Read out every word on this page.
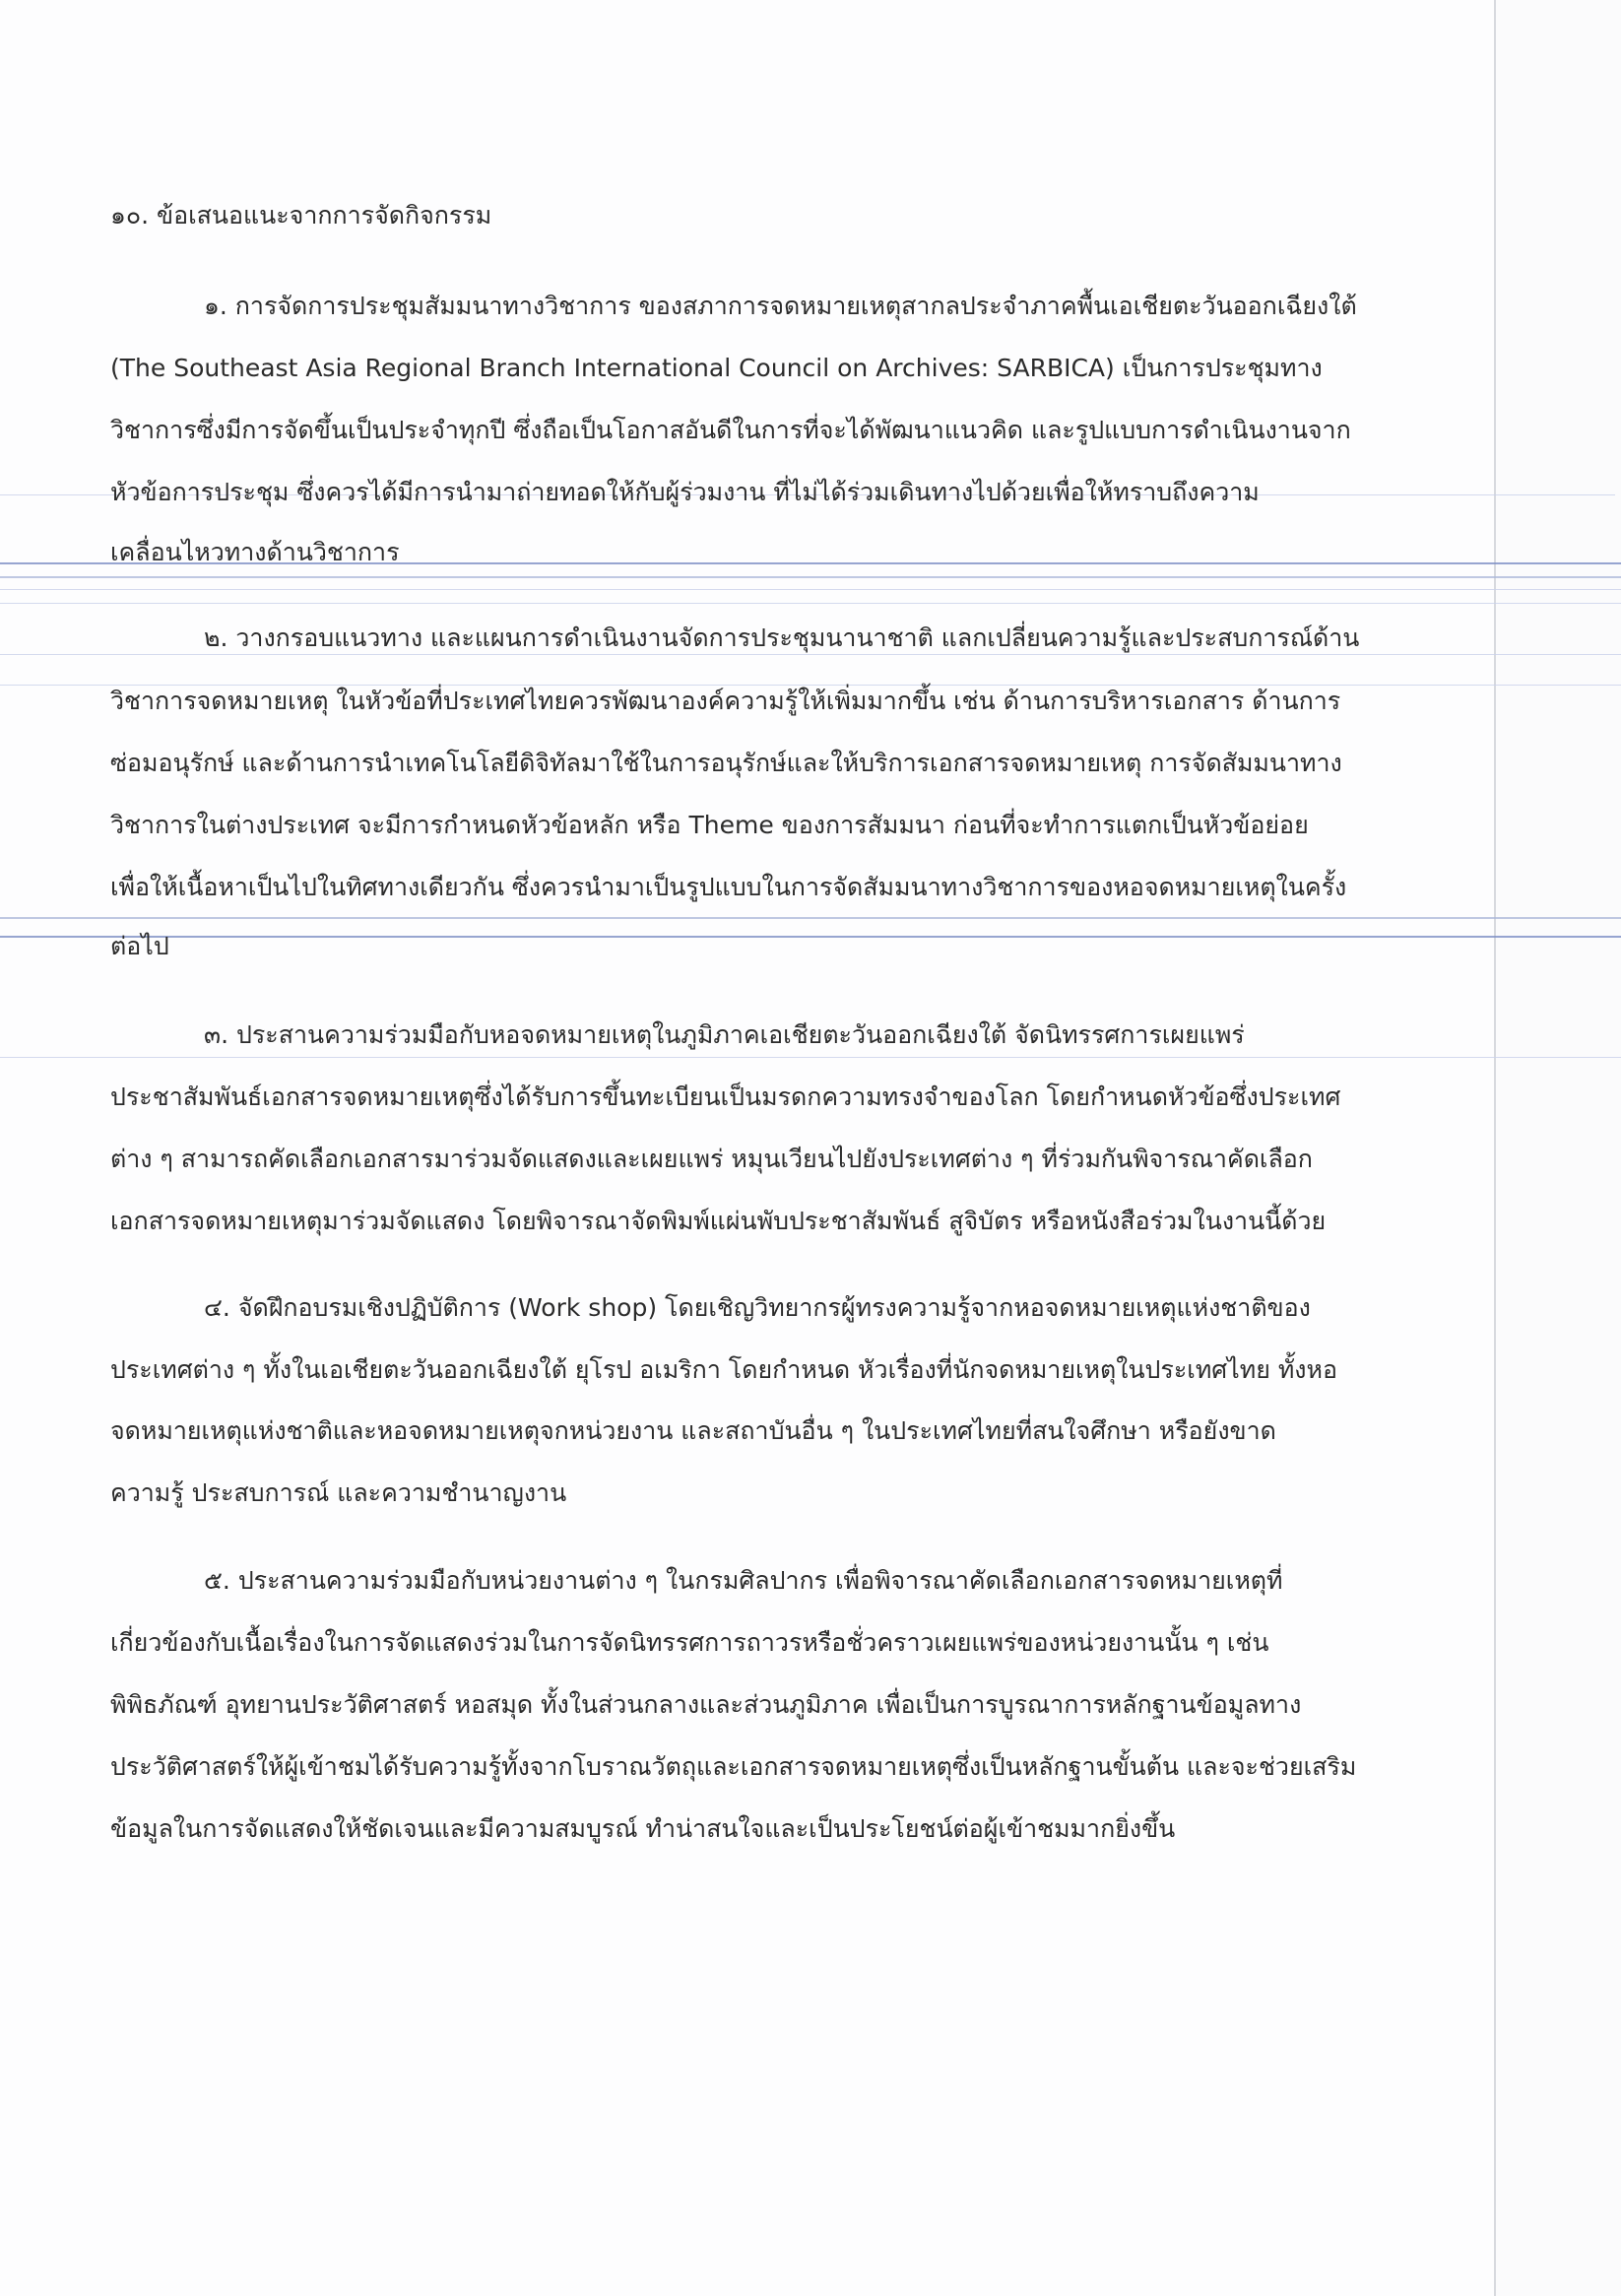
๑๐. ข้อเสนอแนะจากการจัดกิจกรรม
๑. การจัดการประชุมสัมมนาทางวิชาการ ของสภาการจดหมายเหตุสากลประจำภาคพื้นเอเชียตะวันออกเฉียงใต้
(The Southeast Asia Regional Branch International Council on Archives: SARBICA) เป็นการประชุมทาง
วิชาการซึ่งมีการจัดขึ้นเป็นประจำทุกปี ซึ่งถือเป็นโอกาสอันดีในการที่จะได้พัฒนาแนวคิด และรูปแบบการดำเนินงานจาก
หัวข้อการประชุม ซึ่งควรได้มีการนำมาถ่ายทอดให้กับผู้ร่วมงาน ที่ไม่ได้ร่วมเดินทางไปด้วยเพื่อให้ทราบถึงความ
เคลื่อนไหวทางด้านวิชาการ
๒. วางกรอบแนวทาง และแผนการดำเนินงานจัดการประชุมนานาชาติ แลกเปลี่ยนความรู้และประสบการณ์ด้าน
วิชาการจดหมายเหตุ ในหัวข้อที่ประเทศไทยควรพัฒนาองค์ความรู้ให้เพิ่มมากขึ้น เช่น ด้านการบริหารเอกสาร ด้านการ
ซ่อมอนุรักษ์ และด้านการนำเทคโนโลยีดิจิทัลมาใช้ในการอนุรักษ์และให้บริการเอกสารจดหมายเหตุ การจัดสัมมนาทาง
วิชาการในต่างประเทศ จะมีการกำหนดหัวข้อหลัก หรือ Theme ของการสัมมนา ก่อนที่จะทำการแตกเป็นหัวข้อย่อย
เพื่อให้เนื้อหาเป็นไปในทิศทางเดียวกัน ซึ่งควรนำมาเป็นรูปแบบในการจัดสัมมนาทางวิชาการของหอจดหมายเหตุในครั้ง
ต่อไป
๓. ประสานความร่วมมือกับหอจดหมายเหตุในภูมิภาคเอเชียตะวันออกเฉียงใต้ จัดนิทรรศการเผยแพร่
ประชาสัมพันธ์เอกสารจดหมายเหตุซึ่งได้รับการขึ้นทะเบียนเป็นมรดกความทรงจำของโลก โดยกำหนดหัวข้อซึ่งประเทศ
ต่าง ๆ สามารถคัดเลือกเอกสารมาร่วมจัดแสดงและเผยแพร่ หมุนเวียนไปยังประเทศต่าง ๆ ที่ร่วมกันพิจารณาคัดเลือก
เอกสารจดหมายเหตุมาร่วมจัดแสดง โดยพิจารณาจัดพิมพ์แผ่นพับประชาสัมพันธ์ สูจิบัตร หรือหนังสือร่วมในงานนี้ด้วย
๔. จัดฝึกอบรมเชิงปฏิบัติการ (Work shop) โดยเชิญวิทยากรผู้ทรงความรู้จากหอจดหมายเหตุแห่งชาติของ
ประเทศต่าง ๆ ทั้งในเอเชียตะวันออกเฉียงใต้ ยุโรป อเมริกา โดยกำหนด หัวเรื่องที่นักจดหมายเหตุในประเทศไทย ทั้งหอ
จดหมายเหตุแห่งชาติและหอจดหมายเหตุจกหน่วยงาน และสถาบันอื่น ๆ ในประเทศไทยที่สนใจศึกษา หรือยังขาด
ความรู้ ประสบการณ์ และความชำนาญงาน
๕. ประสานความร่วมมือกับหน่วยงานต่าง ๆ ในกรมศิลปากร เพื่อพิจารณาคัดเลือกเอกสารจดหมายเหตุที่
เกี่ยวข้องกับเนื้อเรื่องในการจัดแสดงร่วมในการจัดนิทรรศการถาวรหรือชั่วคราวเผยแพร่ของหน่วยงานนั้น ๆ เช่น
พิพิธภัณฑ์ อุทยานประวัติศาสตร์ หอสมุด ทั้งในส่วนกลางและส่วนภูมิภาค เพื่อเป็นการบูรณาการหลักฐานข้อมูลทาง
ประวัติศาสตร์ให้ผู้เข้าชมได้รับความรู้ทั้งจากโบราณวัตถุและเอกสารจดหมายเหตุซึ่งเป็นหลักฐานขั้นต้น และจะช่วยเสริม
ข้อมูลในการจัดแสดงให้ชัดเจนและมีความสมบูรณ์ ทำน่าสนใจและเป็นประโยชน์ต่อผู้เข้าชมมากยิ่งขึ้น
